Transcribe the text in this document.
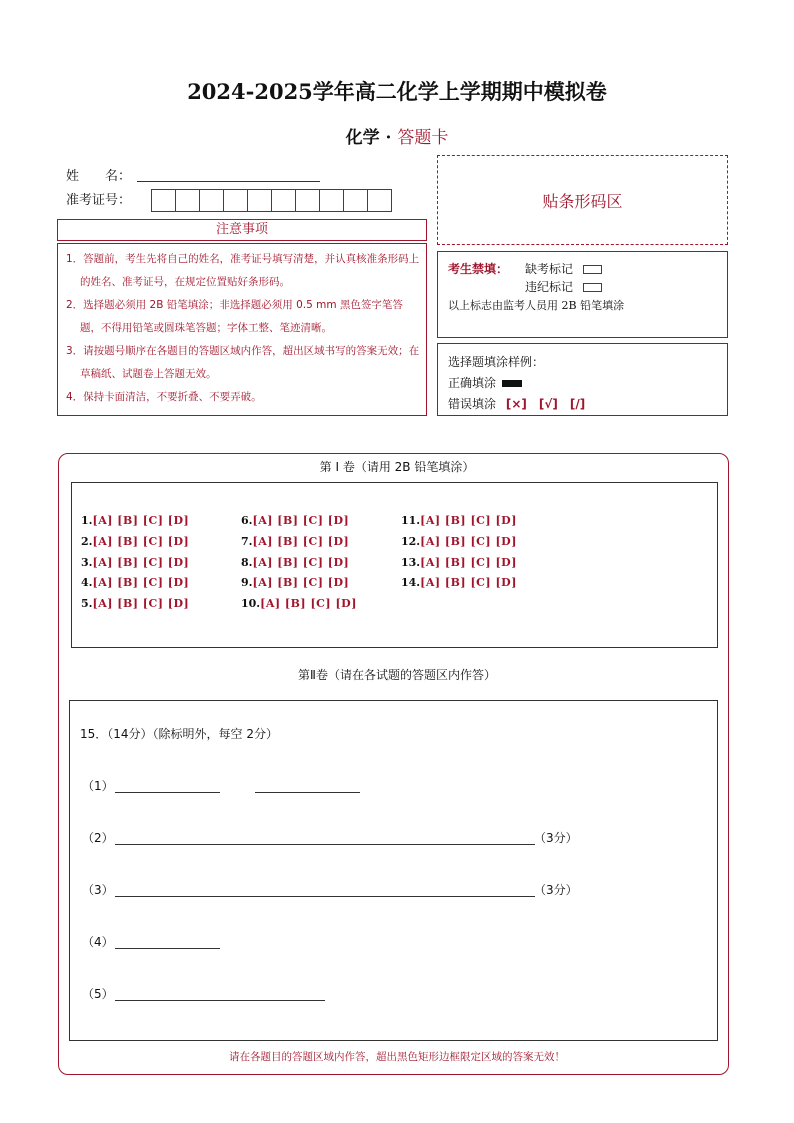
2024-2025学年高二化学上学期期中模拟卷
化学 · 答题卡
姓　　名：
准考证号：	贴条形码区
注意事项

1．答题前，考生先将自己的姓名，准考证号填写清楚，并认真核准条形码上的姓名、准考证号，在规定位置贴好条形码。

2．选择题必须用 2B 铅笔填涂；非选择题必须用 0.5 mm 黑色签字笔答题，不得用铅笔或圆珠笔答题；字体工整、笔迹清晰。

3．请按题号顺序在各题目的答题区域内作答，超出区域书写的答案无效；在草稿纸、试题卷上答题无效。

4．保持卡面清洁，不要折叠、不要弄破。

考生禁填： 缺考标记
违纪标记
以上标志由监考人员用 2B 铅笔填涂
选择题填涂样例：
正确填涂
错误填涂 [×]　[√]　[/]
第 I 卷（请用 2B 铅笔填涂）
1.[A] [B] [C] [D]
2.[A] [B] [C] [D]
3.[A] [B] [C] [D]
4.[A] [B] [C] [D]
5.[A] [B] [C] [D]
6.[A] [B] [C] [D]
7.[A] [B] [C] [D]
8.[A] [B] [C] [D]
9.[A] [B] [C] [D]
10.[A] [B] [C] [D]
11.[A] [B] [C] [D]
12.[A] [B] [C] [D]
13.[A] [B] [C] [D]
14.[A] [B] [C] [D]
第Ⅱ卷（请在各试题的答题区内作答）
15．（14分）（除标明外，每空 2分）
（1）
（2）	（3分）
（3）	（3分）
（4）
（5）
请在各题目的答题区域内作答，超出黑色矩形边框限定区域的答案无效！
